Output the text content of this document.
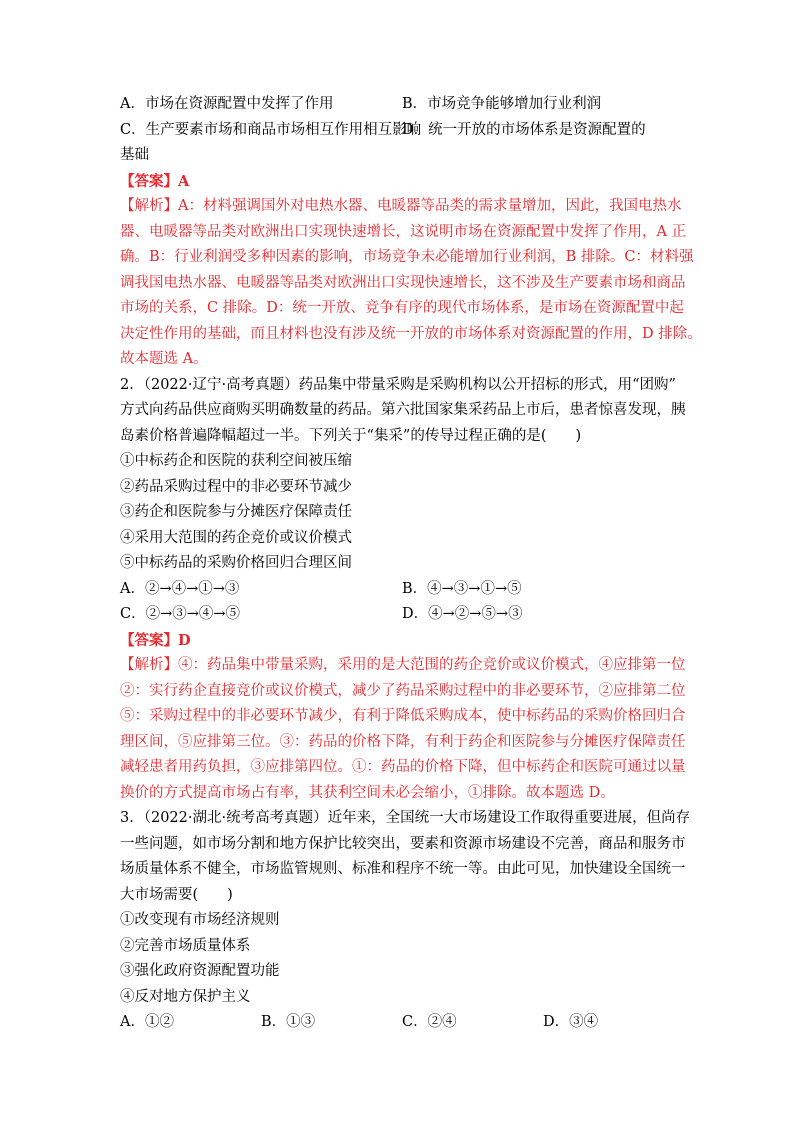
A．市场在资源配置中发挥了作用	B．市场竞争能够增加行业利润
C．生产要素市场和商品市场相互作用相互影响
D．统一开放的市场体系是资源配置的
基础
【答案】A
【解析】A：材料强调国外对电热水器、电暖器等品类的需求量增加，因此，我国电热水
器、电暖器等品类对欧洲出口实现快速增长，这说明市场在资源配置中发挥了作用，A 正
确。B：行业利润受多种因素的影响，市场竞争未必能增加行业利润，B 排除。C：材料强
调我国电热水器、电暖器等品类对欧洲出口实现快速增长，这不涉及生产要素市场和商品
市场的关系，C 排除。D：统一开放、竞争有序的现代市场体系，是市场在资源配置中起
决定性作用的基础，而且材料也没有涉及统一开放的市场体系对资源配置的作用，D 排除。
故本题选 A。
2．（2022·辽宁·高考真题）药品集中带量采购是采购机构以公开招标的形式，用“团购”
方式向药品供应商购买明确数量的药品。第六批国家集采药品上市后，患者惊喜发现，胰
岛素价格普遍降幅超过一半。下列关于“集采”的传导过程正确的是(　　)
①中标药企和医院的获利空间被压缩
②药品采购过程中的非必要环节减少
③药企和医院参与分摊医疗保障责任
④采用大范围的药企竞价或议价模式
⑤中标药品的采购价格回归合理区间
A．②→④→①→③	B．④→③→①→⑤
C．②→③→④→⑤	D．④→②→⑤→③
【答案】D
【解析】④：药品集中带量采购，采用的是大范围的药企竞价或议价模式，④应排第一位
②：实行药企直接竞价或议价模式，减少了药品采购过程中的非必要环节，②应排第二位
⑤：采购过程中的非必要环节减少，有利于降低采购成本，使中标药品的采购价格回归合
理区间，⑤应排第三位。③：药品的价格下降，有利于药企和医院参与分摊医疗保障责任
减轻患者用药负担，③应排第四位。①：药品的价格下降，但中标药企和医院可通过以量
换价的方式提高市场占有率，其获利空间未必会缩小，①排除。故本题选 D。
3．（2022·湖北·统考高考真题）近年来，全国统一大市场建设工作取得重要进展，但尚存
一些问题，如市场分割和地方保护比较突出，要素和资源市场建设不完善，商品和服务市
场质量体系不健全，市场监管规则、标准和程序不统一等。由此可见，加快建设全国统一
大市场需要(　　)
①改变现有市场经济规则
②完善市场质量体系
③强化政府资源配置功能
④反对地方保护主义
A．①②	B．①③	C．②④	D．③④
